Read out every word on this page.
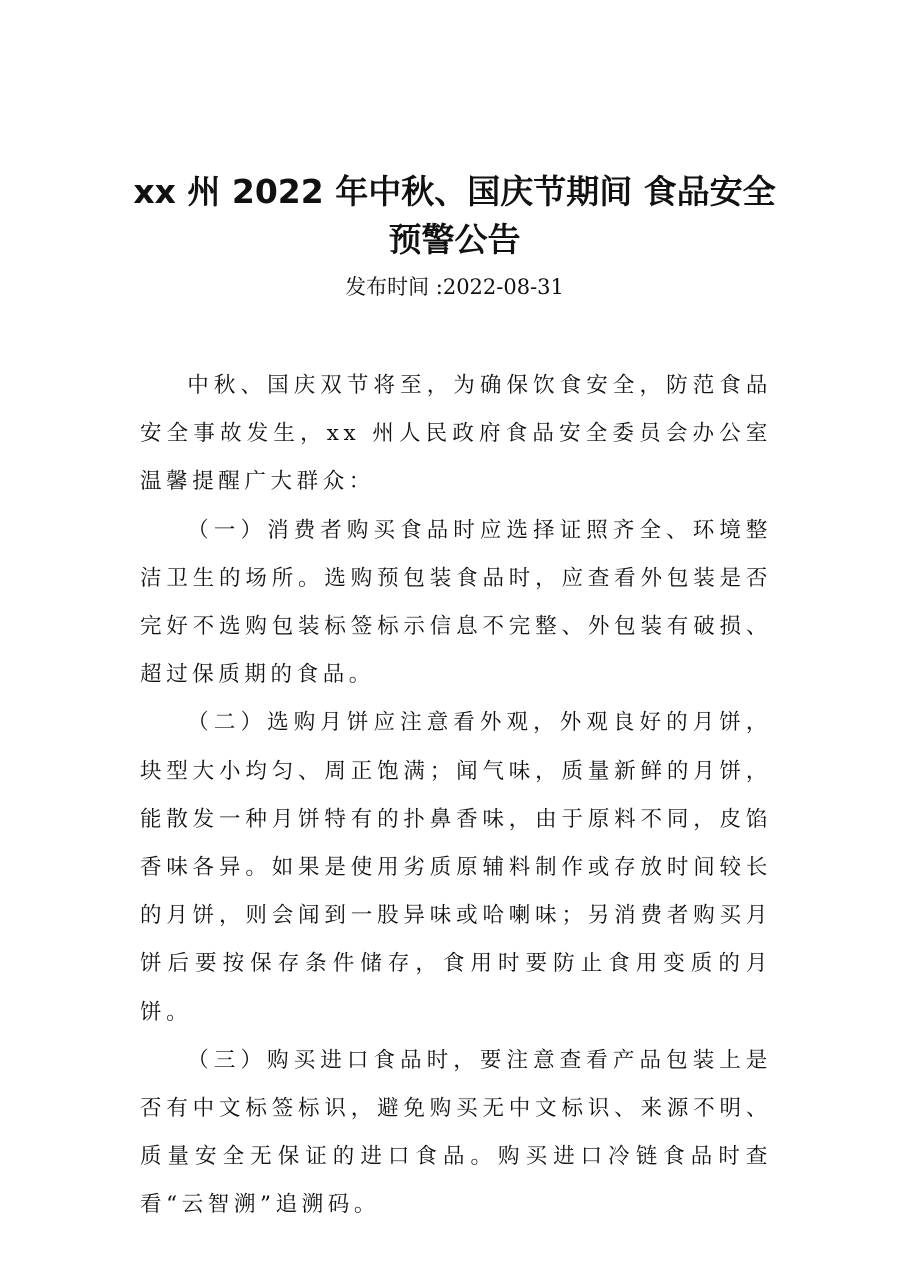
xx 州 2022 年中秋、国庆节期间 食品安全
预警公告
发布时间 :2022-08-31

中秋、国庆双节将至，为确保饮食安全，防范食品安全事故发生，xx 州人民政府食品安全委员会办公室温馨提醒广大群众：

（一）消费者购买食品时应选择证照齐全、环境整洁卫生的场所。选购预包装食品时，应查看外包装是否完好不选购包装标签标示信息不完整、外包装有破损、超过保质期的食品。

（二）选购月饼应注意看外观，外观良好的月饼，块型大小均匀、周正饱满；闻气味，质量新鲜的月饼，能散发一种月饼特有的扑鼻香味，由于原料不同，皮馅香味各异。如果是使用劣质原辅料制作或存放时间较长的月饼，则会闻到一股异味或哈喇味；另消费者购买月饼后要按保存条件储存，食用时要防止食用变质的月饼。

（三）购买进口食品时，要注意查看产品包装上是否有中文标签标识，避免购买无中文标识、来源不明、质量安全无保证的进口食品。购买进口冷链食品时查看“云智溯”追溯码。
